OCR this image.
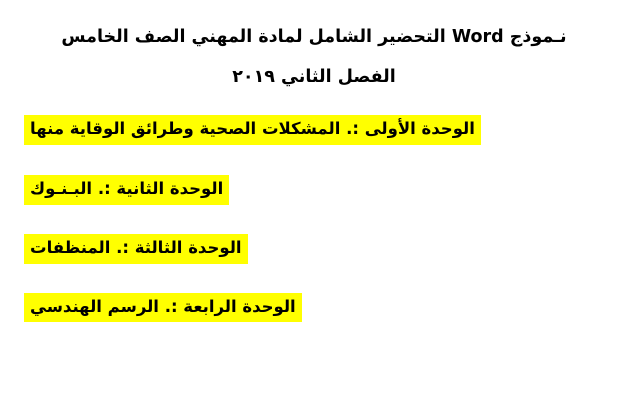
نـموذج Word التحضير الشامل لمادة المهني الصف الخامس
الفصل الثاني ٢٠١٩
الوحدة الأولى :. المشكلات الصحية وطرائق الوقاية منها
الوحدة الثانية :. البـنـوك
الوحدة الثالثة :. المنظفات
الوحدة الرابعة :. الرسم الهندسي
